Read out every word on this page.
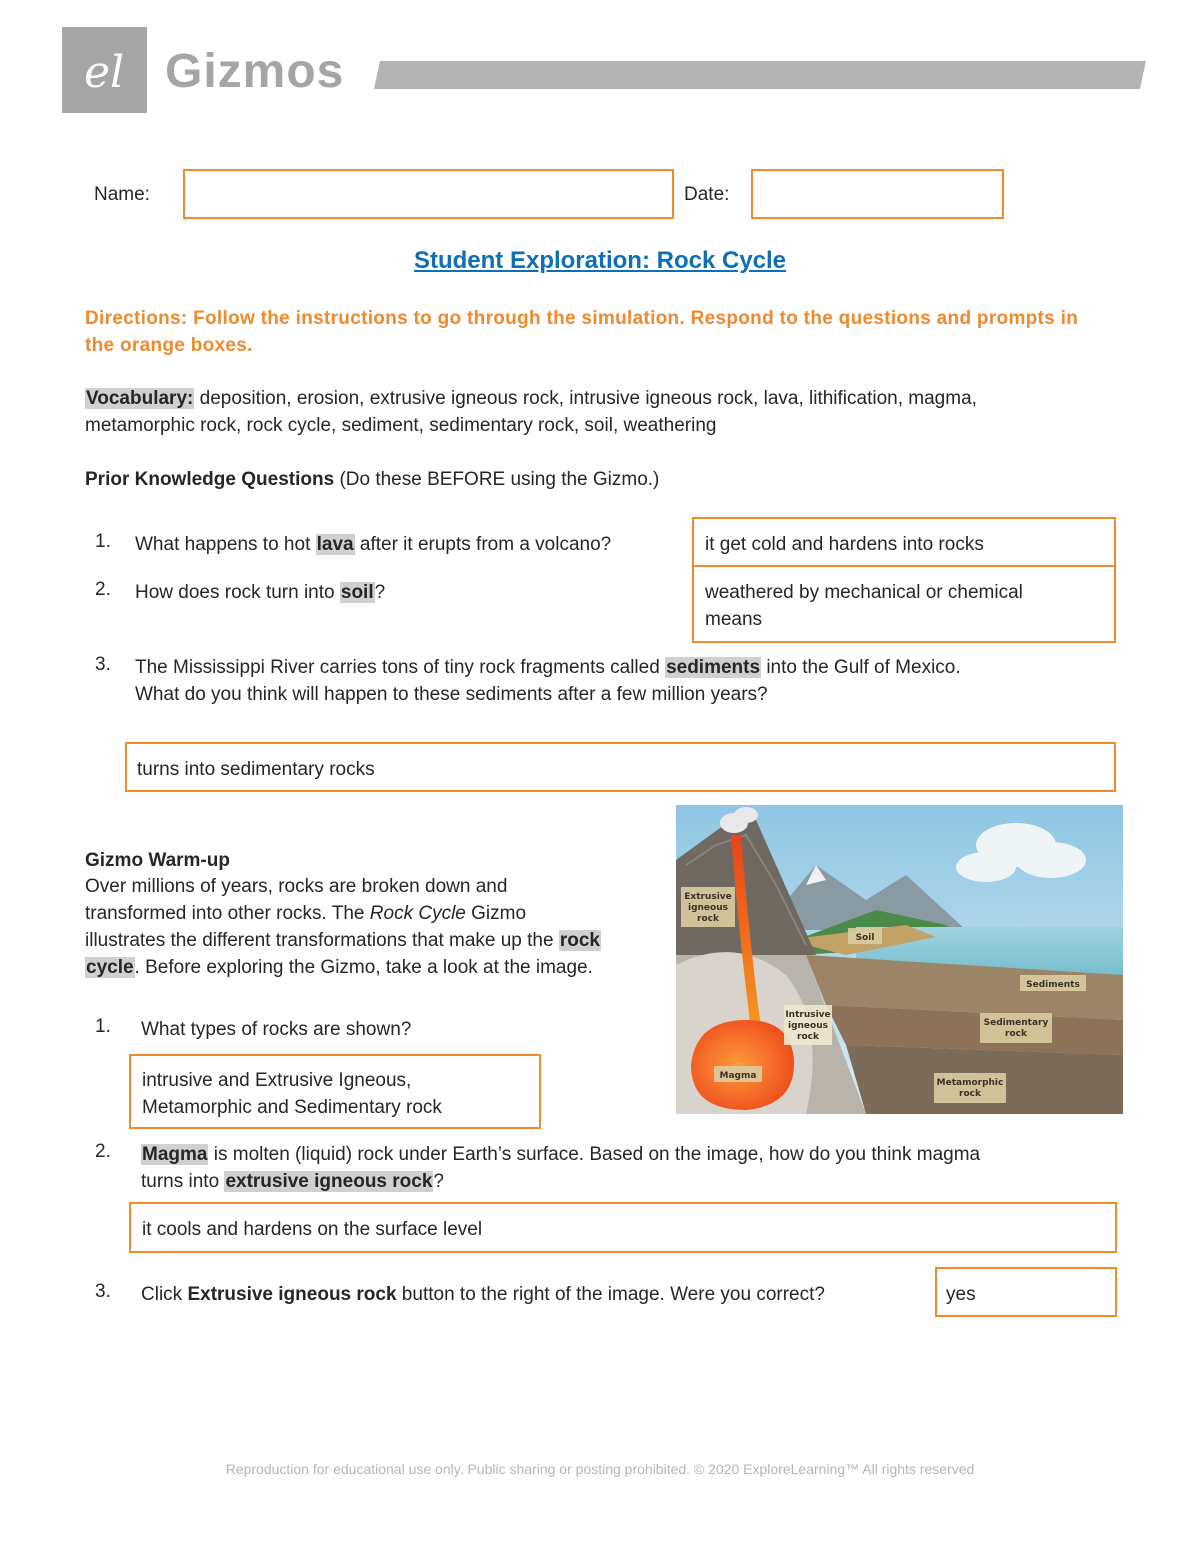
el Gizmos
Name:	Date:
Student Exploration: Rock Cycle
Directions: Follow the instructions to go through the simulation. Respond to the questions and prompts in the orange boxes.
Vocabulary: deposition, erosion, extrusive igneous rock, intrusive igneous rock, lava, lithification, magma,
metamorphic rock, rock cycle, sediment, sedimentary rock, soil, weathering
Prior Knowledge Questions (Do these BEFORE using the Gizmo.)
1. What happens to hot lava after it erupts from a volcano?	it get cold and hardens into rocks
2. How does rock turn into soil?	weathered by mechanical or chemical
means
3. The Mississippi River carries tons of tiny rock fragments called sediments into the Gulf of Mexico.
What do you think will happen to these sediments after a few million years?
turns into sedimentary rocks
Gizmo Warm-up
Over millions of years, rocks are broken down and
transformed into other rocks. The Rock Cycle Gizmo
illustrates the different transformations that make up the rock
cycle. Before exploring the Gizmo, take a look at the image.
1. What types of rocks are shown?
intrusive and Extrusive Igneous,
Metamorphic and Sedimentary rock
2. Magma is molten (liquid) rock under Earth’s surface. Based on the image, how do you think magma
turns into extrusive igneous rock?
it cools and hardens on the surface level
3. Click Extrusive igneous rock button to the right of the image. Were you correct?	yes
Extrusive
igneous
rock
Soil
Sediments
Intrusive
igneous
rock
Sedimentary
rock
Magma
Metamorphic
rock
Reproduction for educational use only. Public sharing or posting prohibited. © 2020 ExploreLearning™ All rights reserved
